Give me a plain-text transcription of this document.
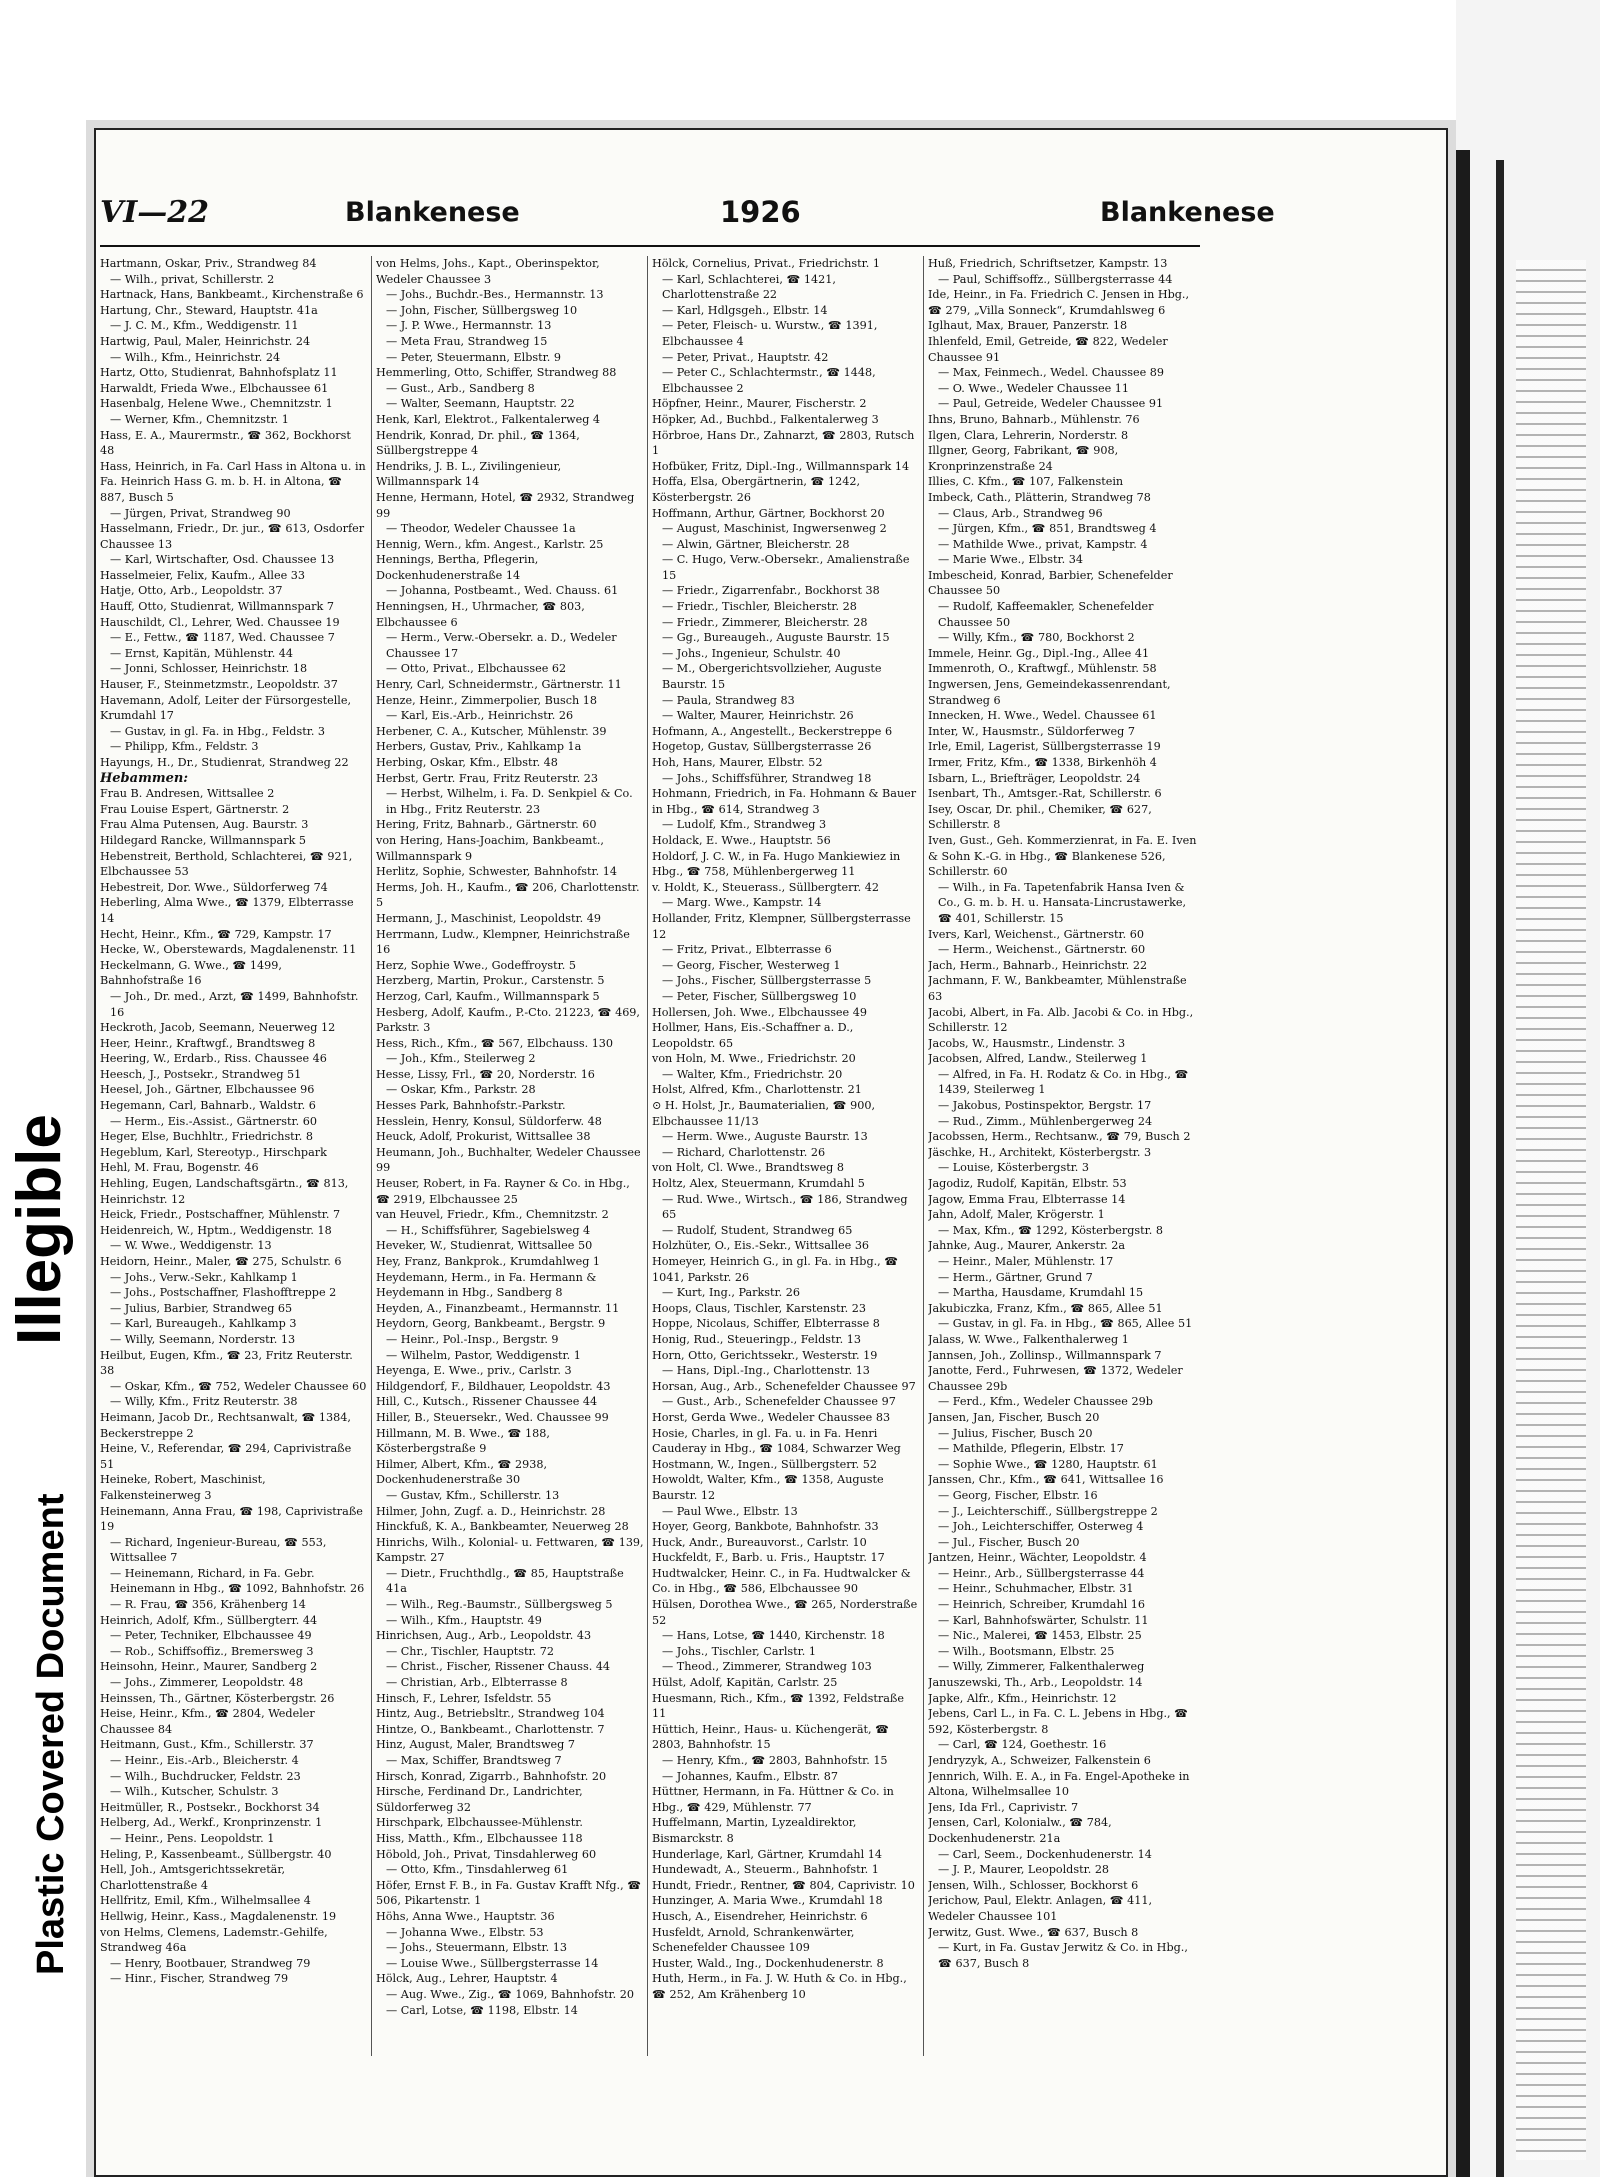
Illegible
Plastic Covered Document
VI—22	Blankenese	1926	Blankenese
Hartmann, Oskar, Priv., Strandweg 84
— Wilh., privat, Schillerstr. 2
Hartnack, Hans, Bankbeamt., Kirchenstraße 6
Hartung, Chr., Steward, Hauptstr. 41a
— J. C. M., Kfm., Weddigenstr. 11
Hartwig, Paul, Maler, Heinrichstr. 24
— Wilh., Kfm., Heinrichstr. 24
Hartz, Otto, Studienrat, Bahnhofsplatz 11
Harwaldt, Frieda Wwe., Elbchaussee 61
Hasenbalg, Helene Wwe., Chemnitzstr. 1
— Werner, Kfm., Chemnitzstr. 1
Hass, E. A., Maurermstr., ☎ 362, Bockhorst 48
Hass, Heinrich, in Fa. Carl Hass in Altona u. in Fa. Heinrich Hass G. m. b. H. in Altona, ☎ 887, Busch 5
— Jürgen, Privat, Strandweg 90
Hasselmann, Friedr., Dr. jur., ☎ 613, Osdorfer Chaussee 13
— Karl, Wirtschafter, Osd. Chaussee 13
Hasselmeier, Felix, Kaufm., Allee 33
Hatje, Otto, Arb., Leopoldstr. 37
Hauff, Otto, Studienrat, Willmannspark 7
Hauschildt, Cl., Lehrer, Wed. Chaussee 19
— E., Fettw., ☎ 1187, Wed. Chaussee 7
— Ernst, Kapitän, Mühlenstr. 44
— Jonni, Schlosser, Heinrichstr. 18
Hauser, F., Steinmetzmstr., Leopoldstr. 37
Havemann, Adolf, Leiter der Fürsorgestelle, Krumdahl 17
— Gustav, in gl. Fa. in Hbg., Feldstr. 3
— Philipp, Kfm., Feldstr. 3
Hayungs, H., Dr., Studienrat, Strandweg 22
Hebammen:
Frau B. Andresen, Wittsallee 2
Frau Louise Espert, Gärtnerstr. 2
Frau Alma Putensen, Aug. Baurstr. 3
Hildegard Rancke, Willmannspark 5
Hebenstreit, Berthold, Schlachterei, ☎ 921, Elbchaussee 53
Hebestreit, Dor. Wwe., Süldorferweg 74
Heberling, Alma Wwe., ☎ 1379, Elbterrasse 14
Hecht, Heinr., Kfm., ☎ 729, Kampstr. 17
Hecke, W., Oberstewards, Magdalenenstr. 11
Heckelmann, G. Wwe., ☎ 1499, Bahnhofstraße 16
— Joh., Dr. med., Arzt, ☎ 1499, Bahnhofstr. 16
Heckroth, Jacob, Seemann, Neuerweg 12
Heer, Heinr., Kraftwgf., Brandtsweg 8
Heering, W., Erdarb., Riss. Chaussee 46
Heesch, J., Postsekr., Strandweg 51
Heesel, Joh., Gärtner, Elbchaussee 96
Hegemann, Carl, Bahnarb., Waldstr. 6
— Herm., Eis.-Assist., Gärtnerstr. 60
Heger, Else, Buchhltr., Friedrichstr. 8
Hegeblum, Karl, Stereotyp., Hirschpark
Hehl, M. Frau, Bogenstr. 46
Hehling, Eugen, Landschaftsgärtn., ☎ 813, Heinrichstr. 12
Heick, Friedr., Postschaffner, Mühlenstr. 7
Heidenreich, W., Hptm., Weddigenstr. 18
— W. Wwe., Weddigenstr. 13
Heidorn, Heinr., Maler, ☎ 275, Schulstr. 6
— Johs., Verw.-Sekr., Kahlkamp 1
— Johs., Postschaffner, Flashofftreppe 2
— Julius, Barbier, Strandweg 65
— Karl, Bureaugeh., Kahlkamp 3
— Willy, Seemann, Norderstr. 13
Heilbut, Eugen, Kfm., ☎ 23, Fritz Reuterstr. 38
— Oskar, Kfm., ☎ 752, Wedeler Chaussee 60
— Willy, Kfm., Fritz Reuterstr. 38
Heimann, Jacob Dr., Rechtsanwalt, ☎ 1384, Beckerstreppe 2
Heine, V., Referendar, ☎ 294, Caprivistraße 51
Heineke, Robert, Maschinist, Falkensteinerweg 3
Heinemann, Anna Frau, ☎ 198, Caprivistraße 19
— Richard, Ingenieur-Bureau, ☎ 553, Wittsallee 7
— Heinemann, Richard, in Fa. Gebr. Heinemann in Hbg., ☎ 1092, Bahnhofstr. 26
— R. Frau, ☎ 356, Krähenberg 14
Heinrich, Adolf, Kfm., Süllbergterr. 44
— Peter, Techniker, Elbchaussee 49
— Rob., Schiffsoffiz., Bremersweg 3
Heinsohn, Heinr., Maurer, Sandberg 2
— Johs., Zimmerer, Leopoldstr. 48
Heinssen, Th., Gärtner, Kösterbergstr. 26
Heise, Heinr., Kfm., ☎ 2804, Wedeler Chaussee 84
Heitmann, Gust., Kfm., Schillerstr. 37
— Heinr., Eis.-Arb., Bleicherstr. 4
— Wilh., Buchdrucker, Feldstr. 23
— Wilh., Kutscher, Schulstr. 3
Heitmüller, R., Postsekr., Bockhorst 34
Helberg, Ad., Werkf., Kronprinzenstr. 1
— Heinr., Pens. Leopoldstr. 1
Heling, P., Kassenbeamt., Süllbergstr. 40
Hell, Joh., Amtsgerichtssekretär, Charlottenstraße 4
Hellfritz, Emil, Kfm., Wilhelmsallee 4
Hellwig, Heinr., Kass., Magdalenenstr. 19
von Helms, Clemens, Lademstr.-Gehilfe, Strandweg 46a
— Henry, Bootbauer, Strandweg 79
— Hinr., Fischer, Strandweg 79
von Helms, Johs., Kapt., Oberinspektor, Wedeler Chaussee 3
— Johs., Buchdr.-Bes., Hermannstr. 13
— John, Fischer, Süllbergsweg 10
— J. P. Wwe., Hermannstr. 13
— Meta Frau, Strandweg 15
— Peter, Steuermann, Elbstr. 9
Hemmerling, Otto, Schiffer, Strandweg 88
— Gust., Arb., Sandberg 8
— Walter, Seemann, Hauptstr. 22
Henk, Karl, Elektrot., Falkentalerweg 4
Hendrik, Konrad, Dr. phil., ☎ 1364, Süllbergstreppe 4
Hendriks, J. B. L., Zivilingenieur, Willmannspark 14
Henne, Hermann, Hotel, ☎ 2932, Strandweg 99
— Theodor, Wedeler Chaussee 1a
Hennig, Wern., kfm. Angest., Karlstr. 25
Hennings, Bertha, Pflegerin, Dockenhudenerstraße 14
— Johanna, Postbeamt., Wed. Chauss. 61
Henningsen, H., Uhrmacher, ☎ 803, Elbchaussee 6
— Herm., Verw.-Obersekr. a. D., Wedeler Chaussee 17
— Otto, Privat., Elbchaussee 62
Henry, Carl, Schneidermstr., Gärtnerstr. 11
Henze, Heinr., Zimmerpolier, Busch 18
— Karl, Eis.-Arb., Heinrichstr. 26
Herbener, C. A., Kutscher, Mühlenstr. 39
Herbers, Gustav, Priv., Kahlkamp 1a
Herbing, Oskar, Kfm., Elbstr. 48
Herbst, Gertr. Frau, Fritz Reuterstr. 23
— Herbst, Wilhelm, i. Fa. D. Senkpiel & Co. in Hbg., Fritz Reuterstr. 23
Hering, Fritz, Bahnarb., Gärtnerstr. 60
von Hering, Hans-Joachim, Bankbeamt., Willmannspark 9
Herlitz, Sophie, Schwester, Bahnhofstr. 14
Herms, Joh. H., Kaufm., ☎ 206, Charlottenstr. 5
Hermann, J., Maschinist, Leopoldstr. 49
Herrmann, Ludw., Klempner, Heinrichstraße 16
Herz, Sophie Wwe., Godeffroystr. 5
Herzberg, Martin, Prokur., Carstenstr. 5
Herzog, Carl, Kaufm., Willmannspark 5
Hesberg, Adolf, Kaufm., P.-Cto. 21223, ☎ 469, Parkstr. 3
Hess, Rich., Kfm., ☎ 567, Elbchauss. 130
— Joh., Kfm., Steilerweg 2
Hesse, Lissy, Frl., ☎ 20, Norderstr. 16
— Oskar, Kfm., Parkstr. 28
Hesses Park, Bahnhofstr.-Parkstr.
Hesslein, Henry, Konsul, Süldorferw. 48
Heuck, Adolf, Prokurist, Wittsallee 38
Heumann, Joh., Buchhalter, Wedeler Chaussee 99
Heuser, Robert, in Fa. Rayner & Co. in Hbg., ☎ 2919, Elbchaussee 25
van Heuvel, Friedr., Kfm., Chemnitzstr. 2
— H., Schiffsführer, Sagebielsweg 4
Heveker, W., Studienrat, Wittsallee 50
Hey, Franz, Bankprok., Krumdahlweg 1
Heydemann, Herm., in Fa. Hermann & Heydemann in Hbg., Sandberg 8
Heyden, A., Finanzbeamt., Hermannstr. 11
Heydorn, Georg, Bankbeamt., Bergstr. 9
— Heinr., Pol.-Insp., Bergstr. 9
— Wilhelm, Pastor, Weddigenstr. 1
Heyenga, E. Wwe., priv., Carlstr. 3
Hildgendorf, F., Bildhauer, Leopoldstr. 43
Hill, C., Kutsch., Rissener Chaussee 44
Hiller, B., Steuersekr., Wed. Chaussee 99
Hillmann, M. B. Wwe., ☎ 188, Kösterbergstraße 9
Hilmer, Albert, Kfm., ☎ 2938, Dockenhudenerstraße 30
— Gustav, Kfm., Schillerstr. 13
Hilmer, John, Zugf. a. D., Heinrichstr. 28
Hinckfuß, K. A., Bankbeamter, Neuerweg 28
Hinrichs, Wilh., Kolonial- u. Fettwaren, ☎ 139, Kampstr. 27
— Dietr., Fruchthdlg., ☎ 85, Hauptstraße 41a
— Wilh., Reg.-Baumstr., Süllbergsweg 5
— Wilh., Kfm., Hauptstr. 49
Hinrichsen, Aug., Arb., Leopoldstr. 43
— Chr., Tischler, Hauptstr. 72
— Christ., Fischer, Rissener Chauss. 44
— Christian, Arb., Elbterrasse 8
Hinsch, F., Lehrer, Isfeldstr. 55
Hintz, Aug., Betriebsltr., Strandweg 104
Hintze, O., Bankbeamt., Charlottenstr. 7
Hinz, August, Maler, Brandtsweg 7
— Max, Schiffer, Brandtsweg 7
Hirsch, Konrad, Zigarrb., Bahnhofstr. 20
Hirsche, Ferdinand Dr., Landrichter, Süldorferweg 32
Hirschpark, Elbchaussee-Mühlenstr.
Hiss, Matth., Kfm., Elbchaussee 118
Höbold, Joh., Privat, Tinsdahlerweg 60
— Otto, Kfm., Tinsdahlerweg 61
Höfer, Ernst F. B., in Fa. Gustav Krafft Nfg., ☎ 506, Pikartenstr. 1
Höhs, Anna Wwe., Hauptstr. 36
— Johanna Wwe., Elbstr. 53
— Johs., Steuermann, Elbstr. 13
— Louise Wwe., Süllbergsterrasse 14
Hölck, Aug., Lehrer, Hauptstr. 4
— Aug. Wwe., Zig., ☎ 1069, Bahnhofstr. 20
— Carl, Lotse, ☎ 1198, Elbstr. 14
Hölck, Cornelius, Privat., Friedrichstr. 1
— Karl, Schlachterei, ☎ 1421, Charlottenstraße 22
— Karl, Hdlgsgeh., Elbstr. 14
— Peter, Fleisch- u. Wurstw., ☎ 1391, Elbchaussee 4
— Peter, Privat., Hauptstr. 42
— Peter C., Schlachtermstr., ☎ 1448, Elbchaussee 2
Höpfner, Heinr., Maurer, Fischerstr. 2
Höpker, Ad., Buchbd., Falkentalerweg 3
Hörbroe, Hans Dr., Zahnarzt, ☎ 2803, Rutsch 1
Hofbüker, Fritz, Dipl.-Ing., Willmannspark 14
Hoffa, Elsa, Obergärtnerin, ☎ 1242, Kösterbergstr. 26
Hoffmann, Arthur, Gärtner, Bockhorst 20
— August, Maschinist, Ingwersenweg 2
— Alwin, Gärtner, Bleicherstr. 28
— C. Hugo, Verw.-Obersekr., Amalienstraße 15
— Friedr., Zigarrenfabr., Bockhorst 38
— Friedr., Tischler, Bleicherstr. 28
— Friedr., Zimmerer, Bleicherstr. 28
— Gg., Bureaugeh., Auguste Baurstr. 15
— Johs., Ingenieur, Schulstr. 40
— M., Obergerichtsvollzieher, Auguste Baurstr. 15
— Paula, Strandweg 83
— Walter, Maurer, Heinrichstr. 26
Hofmann, A., Angestellt., Beckerstreppe 6
Hogetop, Gustav, Süllbergsterrasse 26
Hoh, Hans, Maurer, Elbstr. 52
— Johs., Schiffsführer, Strandweg 18
Hohmann, Friedrich, in Fa. Hohmann & Bauer in Hbg., ☎ 614, Strandweg 3
— Ludolf, Kfm., Strandweg 3
Holdack, E. Wwe., Hauptstr. 56
Holdorf, J. C. W., in Fa. Hugo Mankiewiez in Hbg., ☎ 758, Mühlenbergerweg 11
v. Holdt, K., Steuerass., Süllbergterr. 42
— Marg. Wwe., Kampstr. 14
Hollander, Fritz, Klempner, Süllbergsterrasse 12
— Fritz, Privat., Elbterrasse 6
— Georg, Fischer, Westerweg 1
— Johs., Fischer, Süllbergsterrasse 5
— Peter, Fischer, Süllbergsweg 10
Hollersen, Joh. Wwe., Elbchaussee 49
Hollmer, Hans, Eis.-Schaffner a. D., Leopoldstr. 65
von Holn, M. Wwe., Friedrichstr. 20
— Walter, Kfm., Friedrichstr. 20
Holst, Alfred, Kfm., Charlottenstr. 21
⊙ H. Holst, Jr., Baumaterialien, ☎ 900, Elbchaussee 11/13
— Herm. Wwe., Auguste Baurstr. 13
— Richard, Charlottenstr. 26
von Holt, Cl. Wwe., Brandtsweg 8
Holtz, Alex, Steuermann, Krumdahl 5
— Rud. Wwe., Wirtsch., ☎ 186, Strandweg 65
— Rudolf, Student, Strandweg 65
Holzhüter, O., Eis.-Sekr., Wittsallee 36
Homeyer, Heinrich G., in gl. Fa. in Hbg., ☎ 1041, Parkstr. 26
— Kurt, Ing., Parkstr. 26
Hoops, Claus, Tischler, Karstenstr. 23
Hoppe, Nicolaus, Schiffer, Elbterrasse 8
Honig, Rud., Steueringp., Feldstr. 13
Horn, Otto, Gerichtssekr., Westerstr. 19
— Hans, Dipl.-Ing., Charlottenstr. 13
Horsan, Aug., Arb., Schenefelder Chaussee 97
— Gust., Arb., Schenefelder Chaussee 97
Horst, Gerda Wwe., Wedeler Chaussee 83
Hosie, Charles, in gl. Fa. u. in Fa. Henri Cauderay in Hbg., ☎ 1084, Schwarzer Weg
Hostmann, W., Ingen., Süllbergsterr. 52
Howoldt, Walter, Kfm., ☎ 1358, Auguste Baurstr. 12
— Paul Wwe., Elbstr. 13
Hoyer, Georg, Bankbote, Bahnhofstr. 33
Huck, Andr., Bureauvorst., Carlstr. 10
Huckfeldt, F., Barb. u. Fris., Hauptstr. 17
Hudtwalcker, Heinr. C., in Fa. Hudtwalcker & Co. in Hbg., ☎ 586, Elbchaussee 90
Hülsen, Dorothea Wwe., ☎ 265, Norderstraße 52
— Hans, Lotse, ☎ 1440, Kirchenstr. 18
— Johs., Tischler, Carlstr. 1
— Theod., Zimmerer, Strandweg 103
Hülst, Adolf, Kapitän, Carlstr. 25
Huesmann, Rich., Kfm., ☎ 1392, Feldstraße 11
Hüttich, Heinr., Haus- u. Küchengerät, ☎ 2803, Bahnhofstr. 15
— Henry, Kfm., ☎ 2803, Bahnhofstr. 15
— Johannes, Kaufm., Elbstr. 87
Hüttner, Hermann, in Fa. Hüttner & Co. in Hbg., ☎ 429, Mühlenstr. 77
Huffelmann, Martin, Lyzealdirektor, Bismarckstr. 8
Hunderlage, Karl, Gärtner, Krumdahl 14
Hundewadt, A., Steuerm., Bahnhofstr. 1
Hundt, Friedr., Rentner, ☎ 804, Caprivistr. 10
Hunzinger, A. Maria Wwe., Krumdahl 18
Husch, A., Eisendreher, Heinrichstr. 6
Husfeldt, Arnold, Schrankenwärter, Schenefelder Chaussee 109
Huster, Wald., Ing., Dockenhudenerstr. 8
Huth, Herm., in Fa. J. W. Huth & Co. in Hbg., ☎ 252, Am Krähenberg 10
Huß, Friedrich, Schriftsetzer, Kampstr. 13
— Paul, Schiffsoffz., Süllbergsterrasse 44
Ide, Heinr., in Fa. Friedrich C. Jensen in Hbg., ☎ 279, „Villa Sonneck“, Krumdahlsweg 6
Iglhaut, Max, Brauer, Panzerstr. 18
Ihlenfeld, Emil, Getreide, ☎ 822, Wedeler Chaussee 91
— Max, Feinmech., Wedel. Chaussee 89
— O. Wwe., Wedeler Chaussee 11
— Paul, Getreide, Wedeler Chaussee 91
Ihns, Bruno, Bahnarb., Mühlenstr. 76
Ilgen, Clara, Lehrerin, Norderstr. 8
Illgner, Georg, Fabrikant, ☎ 908, Kronprinzenstraße 24
Illies, C. Kfm., ☎ 107, Falkenstein
Imbeck, Cath., Plätterin, Strandweg 78
— Claus, Arb., Strandweg 96
— Jürgen, Kfm., ☎ 851, Brandtsweg 4
— Mathilde Wwe., privat, Kampstr. 4
— Marie Wwe., Elbstr. 34
Imbescheid, Konrad, Barbier, Schenefelder Chaussee 50
— Rudolf, Kaffeemakler, Schenefelder Chaussee 50
— Willy, Kfm., ☎ 780, Bockhorst 2
Immele, Heinr. Gg., Dipl.-Ing., Allee 41
Immenroth, O., Kraftwgf., Mühlenstr. 58
Ingwersen, Jens, Gemeindekassenrendant, Strandweg 6
Innecken, H. Wwe., Wedel. Chaussee 61
Inter, W., Hausmstr., Süldorferweg 7
Irle, Emil, Lagerist, Süllbergsterrasse 19
Irmer, Fritz, Kfm., ☎ 1338, Birkenhöh 4
Isbarn, L., Briefträger, Leopoldstr. 24
Isenbart, Th., Amtsger.-Rat, Schillerstr. 6
Isey, Oscar, Dr. phil., Chemiker, ☎ 627, Schillerstr. 8
Iven, Gust., Geh. Kommerzienrat, in Fa. E. Iven & Sohn K.-G. in Hbg., ☎ Blankenese 526, Schillerstr. 60
— Wilh., in Fa. Tapetenfabrik Hansa Iven & Co., G. m. b. H. u. Hansata-Lincrustawerke, ☎ 401, Schillerstr. 15
Ivers, Karl, Weichenst., Gärtnerstr. 60
— Herm., Weichenst., Gärtnerstr. 60
Jach, Herm., Bahnarb., Heinrichstr. 22
Jachmann, F. W., Bankbeamter, Mühlenstraße 63
Jacobi, Albert, in Fa. Alb. Jacobi & Co. in Hbg., Schillerstr. 12
Jacobs, W., Hausmstr., Lindenstr. 3
Jacobsen, Alfred, Landw., Steilerweg 1
— Alfred, in Fa. H. Rodatz & Co. in Hbg., ☎ 1439, Steilerweg 1
— Jakobus, Postinspektor, Bergstr. 17
— Rud., Zimm., Mühlenbergerweg 24
Jacobssen, Herm., Rechtsanw., ☎ 79, Busch 2
Jäschke, H., Architekt, Kösterbergstr. 3
— Louise, Kösterbergstr. 3
Jagodiz, Rudolf, Kapitän, Elbstr. 53
Jagow, Emma Frau, Elbterrasse 14
Jahn, Adolf, Maler, Krögerstr. 1
— Max, Kfm., ☎ 1292, Kösterbergstr. 8
Jahnke, Aug., Maurer, Ankerstr. 2a
— Heinr., Maler, Mühlenstr. 17
— Herm., Gärtner, Grund 7
— Martha, Hausdame, Krumdahl 15
Jakubiczka, Franz, Kfm., ☎ 865, Allee 51
— Gustav, in gl. Fa. in Hbg., ☎ 865, Allee 51
Jalass, W. Wwe., Falkenthalerweg 1
Jannsen, Joh., Zollinsp., Willmannspark 7
Janotte, Ferd., Fuhrwesen, ☎ 1372, Wedeler Chaussee 29b
— Ferd., Kfm., Wedeler Chaussee 29b
Jansen, Jan, Fischer, Busch 20
— Julius, Fischer, Busch 20
— Mathilde, Pflegerin, Elbstr. 17
— Sophie Wwe., ☎ 1280, Hauptstr. 61
Janssen, Chr., Kfm., ☎ 641, Wittsallee 16
— Georg, Fischer, Elbstr. 16
— J., Leichterschiff., Süllbergstreppe 2
— Joh., Leichterschiffer, Osterweg 4
— Jul., Fischer, Busch 20
Jantzen, Heinr., Wächter, Leopoldstr. 4
— Heinr., Arb., Süllbergsterrasse 44
— Heinr., Schuhmacher, Elbstr. 31
— Heinrich, Schreiber, Krumdahl 16
— Karl, Bahnhofswärter, Schulstr. 11
— Nic., Malerei, ☎ 1453, Elbstr. 25
— Wilh., Bootsmann, Elbstr. 25
— Willy, Zimmerer, Falkenthalerweg
Januszewski, Th., Arb., Leopoldstr. 14
Japke, Alfr., Kfm., Heinrichstr. 12
Jebens, Carl L., in Fa. C. L. Jebens in Hbg., ☎ 592, Kösterbergstr. 8
— Carl, ☎ 124, Goethestr. 16
Jendryzyk, A., Schweizer, Falkenstein 6
Jennrich, Wilh. E. A., in Fa. Engel-Apotheke in Altona, Wilhelmsallee 10
Jens, Ida Frl., Caprivistr. 7
Jensen, Carl, Kolonialw., ☎ 784, Dockenhudenerstr. 21a
— Carl, Seem., Dockenhudenerstr. 14
— J. P., Maurer, Leopoldstr. 28
Jensen, Wilh., Schlosser, Bockhorst 6
Jerichow, Paul, Elektr. Anlagen, ☎ 411, Wedeler Chaussee 101
Jerwitz, Gust. Wwe., ☎ 637, Busch 8
— Kurt, in Fa. Gustav Jerwitz & Co. in Hbg., ☎ 637, Busch 8
